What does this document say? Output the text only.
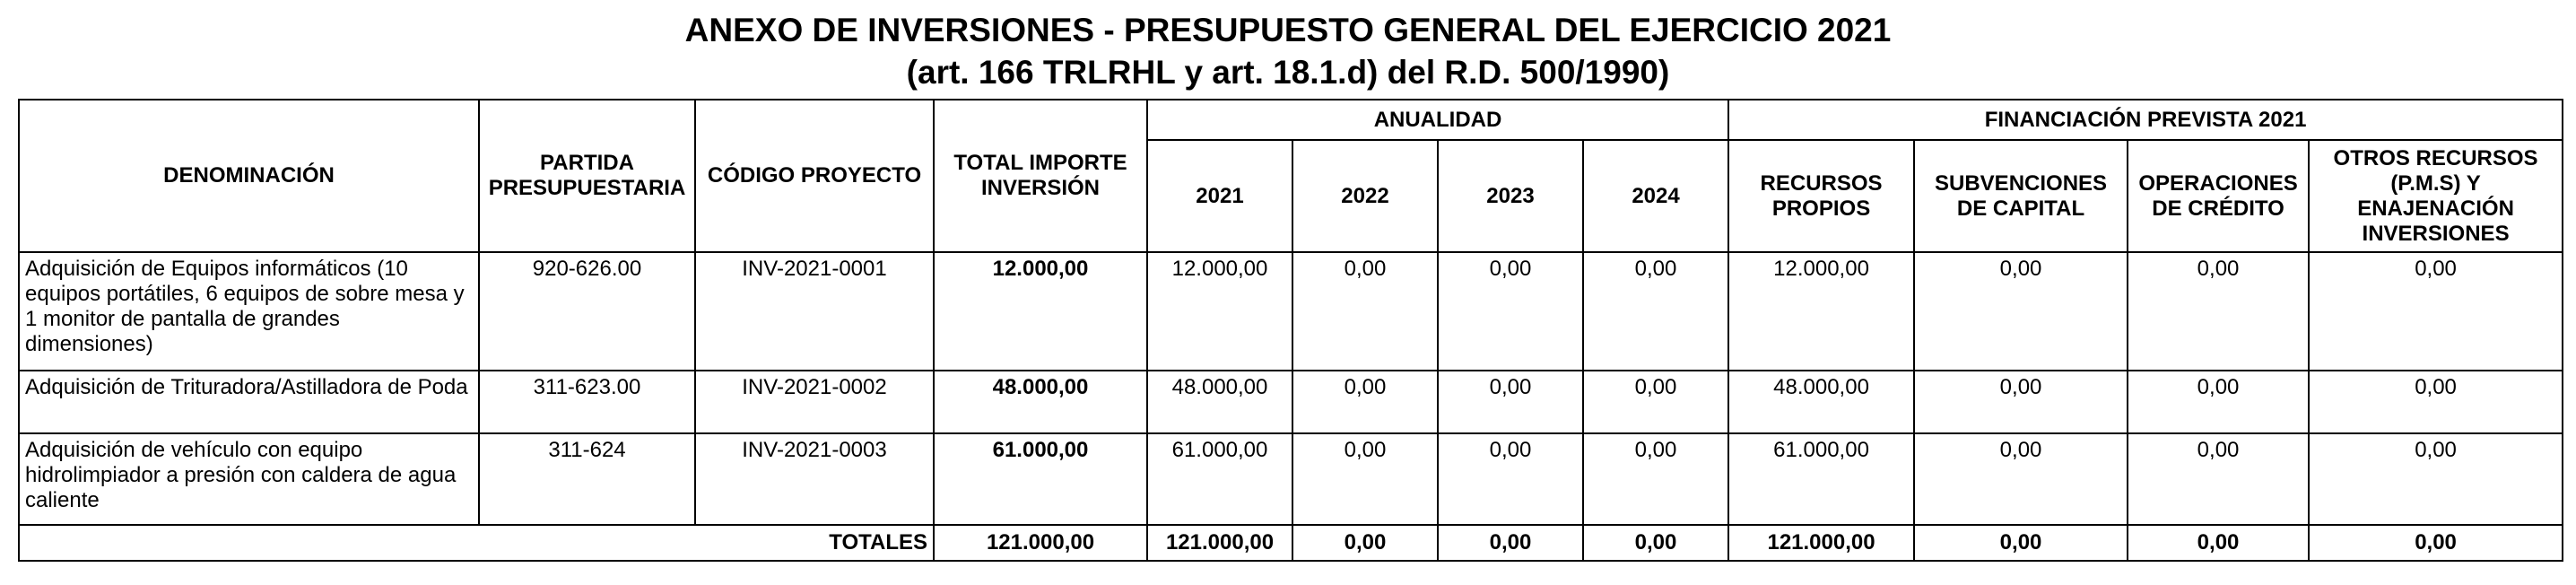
ANEXO DE INVERSIONES - PRESUPUESTO GENERAL DEL EJERCICIO 2021
(art. 166 TRLRHL y art. 18.1.d) del R.D. 500/1990)
DENOMINACIÓN	PARTIDA PRESUPUESTARIA	CÓDIGO PROYECTO	TOTAL IMPORTE INVERSIÓN	ANUALIDAD				FINANCIACIÓN PREVISTA 2021			
				2021	2022	2023	2024	RECURSOS PROPIOS	SUBVENCIONES DE CAPITAL	OPERACIONES DE CRÉDITO	OTROS RECURSOS (P.M.S) Y ENAJENACIÓN INVERSIONES
Adquisición de Equipos informáticos (10 equipos portátiles, 6 equipos de sobre mesa y 1 monitor de pantalla de grandes dimensiones)	920-626.00	INV-2021-0001	12.000,00	12.000,00	0,00	0,00	0,00	12.000,00	0,00	0,00	0,00
Adquisición de Trituradora/Astilladora de Poda	311-623.00	INV-2021-0002	48.000,00	48.000,00	0,00	0,00	0,00	48.000,00	0,00	0,00	0,00
Adquisición de vehículo con equipo hidrolimpiador a presión con caldera de agua caliente	311-624	INV-2021-0003	61.000,00	61.000,00	0,00	0,00	0,00	61.000,00	0,00	0,00	0,00
TOTALES			121.000,00	121.000,00	0,00	0,00	0,00	121.000,00	0,00	0,00	0,00
